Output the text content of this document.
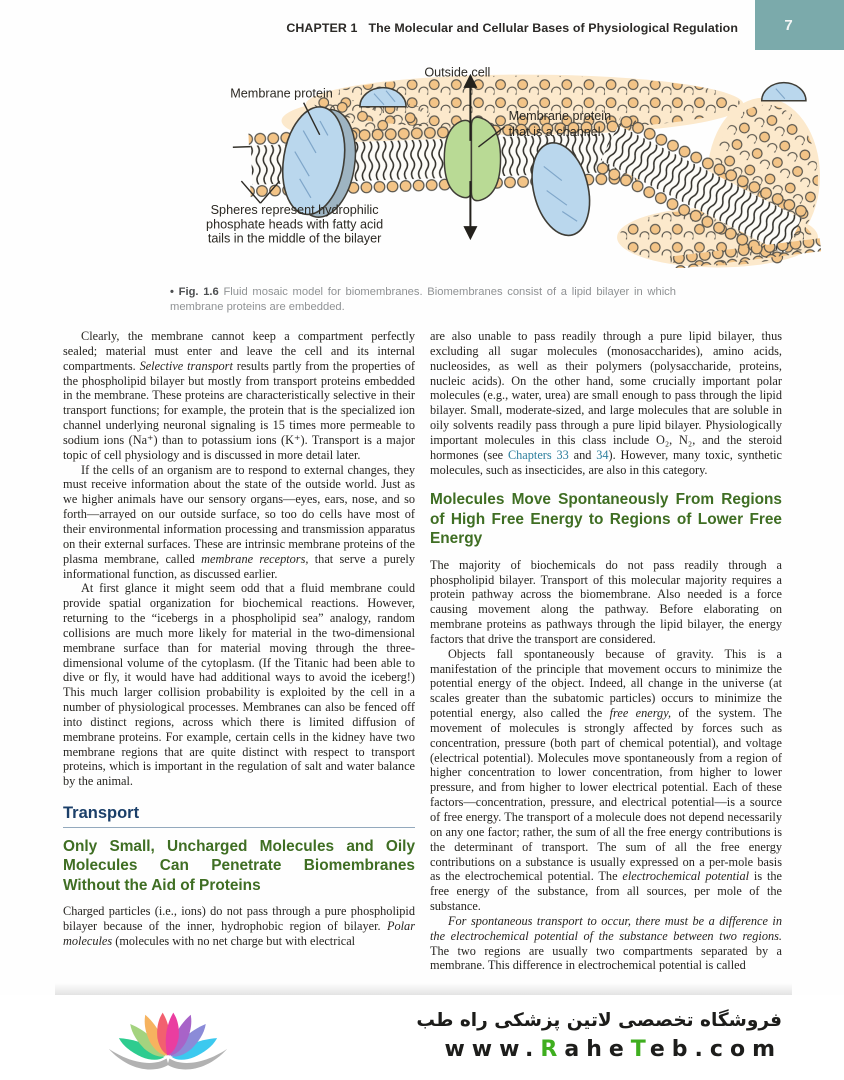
CHAPTER 1 The Molecular and Cellular Bases of Physiological Regulation	7
Outside cell
Membrane protein
Membrane protein
that is a channel
Spheres represent hydrophilic
phosphate heads with fatty acid
tails in the middle of the bilayer

• Fig. 1.6 Fluid mosaic model for biomembranes. Biomembranes consist of a lipid bilayer in which membrane proteins are embedded.

Clearly, the membrane cannot keep a compartment perfectly sealed; material must enter and leave the cell and its internal compartments. Selective transport results partly from the properties of the phospholipid bilayer but mostly from transport proteins embedded in the membrane. These proteins are characteristically selective in their transport functions; for example, the protein that is the specialized ion channel underlying neuronal signaling is 15 times more permeable to sodium ions (Na⁺) than to potassium ions (K⁺). Transport is a major topic of cell physiology and is discussed in more detail later.

If the cells of an organism are to respond to external changes, they must receive information about the state of the outside world. Just as we higher animals have our sensory organs—eyes, ears, nose, and so forth—arrayed on our outside surface, so too do cells have most of their environmental information processing and transmission apparatus on their external surfaces. These are intrinsic membrane proteins of the plasma membrane, called membrane receptors, that serve a purely informational function, as discussed earlier.

At first glance it might seem odd that a fluid membrane could provide spatial organization for biochemical reactions. However, returning to the “icebergs in a phospholipid sea” analogy, random collisions are much more likely for material in the two-dimensional membrane surface than for material moving through the three-dimensional volume of the cytoplasm. (If the Titanic had been able to dive or fly, it would have had additional ways to avoid the iceberg!) This much larger collision probability is exploited by the cell in a number of physiological processes. Membranes can also be fenced off into distinct regions, across which there is limited diffusion of membrane proteins. For example, certain cells in the kidney have two membrane regions that are quite distinct with respect to transport proteins, which is important in the regulation of salt and water balance by the animal.

Transport
Only Small, Uncharged Molecules and Oily Molecules Can Penetrate Biomembranes Without the Aid of Proteins

Charged particles (i.e., ions) do not pass through a pure phospholipid bilayer because of the inner, hydrophobic region of bilayer. Polar molecules (molecules with no net charge but with electrical

are also unable to pass readily through a pure lipid bilayer, thus excluding all sugar molecules (monosaccharides), amino acids, nucleosides, as well as their polymers (polysaccharide, proteins, nucleic acids). On the other hand, some crucially important polar molecules (e.g., water, urea) are small enough to pass through the lipid bilayer. Small, moderate-sized, and large molecules that are soluble in oily solvents readily pass through a pure lipid bilayer. Physiologically important molecules in this class include O₂, N₂, and the steroid hormones (see Chapters 33 and 34). However, many toxic, synthetic molecules, such as insecticides, are also in this category.

Molecules Move Spontaneously From Regions of High Free Energy to Regions of Lower Free Energy

The majority of biochemicals do not pass readily through a phospholipid bilayer. Transport of this molecular majority requires a protein pathway across the biomembrane. Also needed is a force causing movement along the pathway. Before elaborating on membrane proteins as pathways through the lipid bilayer, the energy factors that drive the transport are considered.

Objects fall spontaneously because of gravity. This is a manifestation of the principle that movement occurs to minimize the potential energy of the object. Indeed, all change in the universe (at scales greater than the subatomic particles) occurs to minimize the potential energy, also called the free energy, of the system. The movement of molecules is strongly affected by forces such as concentration, pressure (both part of chemical potential), and voltage (electrical potential). Molecules move spontaneously from a region of higher concentration to lower concentration, from higher to lower pressure, and from higher to lower electrical potential. Each of these factors—concentration, pressure, and electrical potential—is a source of free energy. The transport of a molecule does not depend necessarily on any one factor; rather, the sum of all the free energy contributions is the determinant of transport. The sum of all the free energy contributions on a substance is usually expressed on a per-mole basis as the electrochemical potential. The electrochemical potential is the free energy of the substance, from all sources, per mole of the substance.

For spontaneous transport to occur, there must be a difference in the electrochemical potential of the substance between two regions. The two regions are usually two compartments separated by a membrane. This difference in electrochemical potential is called

فروشگاه تخصصی لاتین پزشکی راه طب
www.RaheTeb.com
